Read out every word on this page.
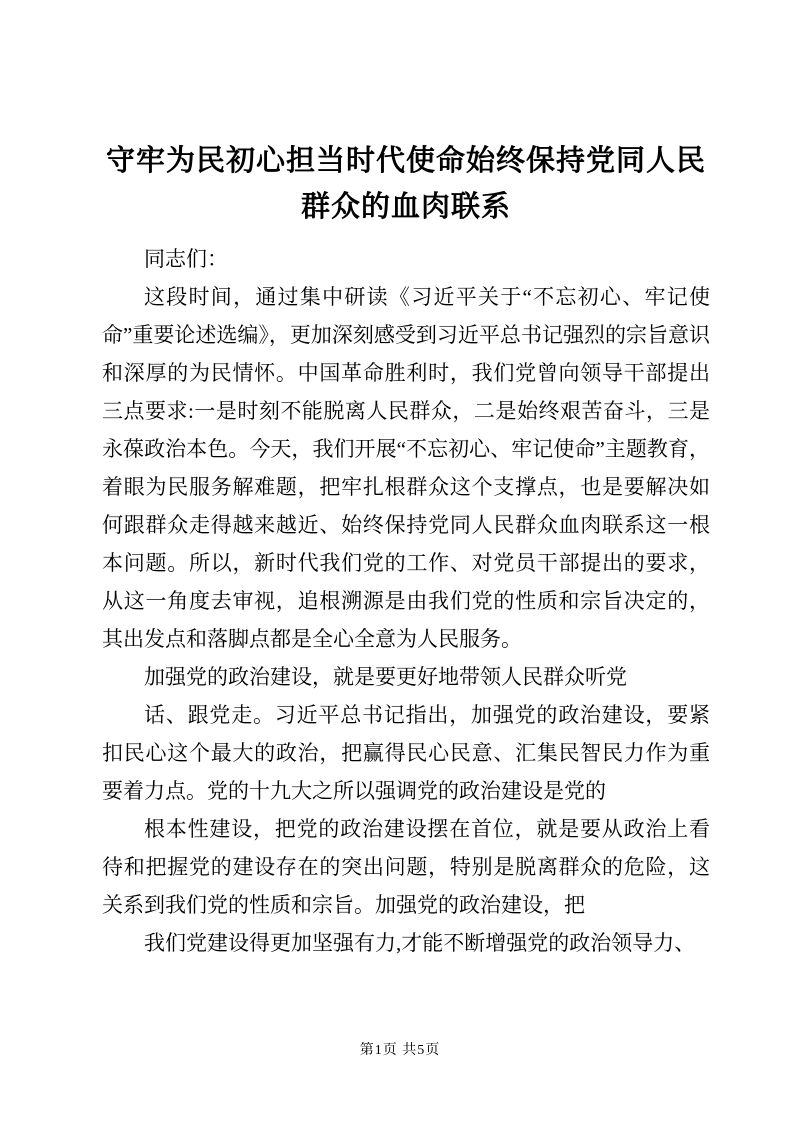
守牢为民初心担当时代使命始终保持党同人民
群众的血肉联系

同志们：

这段时间，通过集中研读《习近平关于“不忘初心、牢记使命”重要论述选编》，更加深刻感受到习近平总书记强烈的宗旨意识和深厚的为民情怀。中国革命胜利时，我们党曾向领导干部提出三点要求:一是时刻不能脱离人民群众，二是始终艰苦奋斗，三是永葆政治本色。今天，我们开展“不忘初心、牢记使命”主题教育，着眼为民服务解难题，把牢扎根群众这个支撑点，也是要解决如何跟群众走得越来越近、始终保持党同人民群众血肉联系这一根本问题。所以，新时代我们党的工作、对党员干部提出的要求，从这一角度去审视，追根溯源是由我们党的性质和宗旨决定的，其出发点和落脚点都是全心全意为人民服务。

加强党的政治建设，就是要更好地带领人民群众听党

话、跟党走。习近平总书记指出，加强党的政治建设，要紧扣民心这个最大的政治，把赢得民心民意、汇集民智民力作为重要着力点。党的十九大之所以强调党的政治建设是党的

根本性建设，把党的政治建设摆在首位，就是要从政治上看待和把握党的建设存在的突出问题，特别是脱离群众的危险，这关系到我们党的性质和宗旨。加强党的政治建设，把

我们党建设得更加坚强有力,才能不断增强党的政治领导力、

第1页 共5页
